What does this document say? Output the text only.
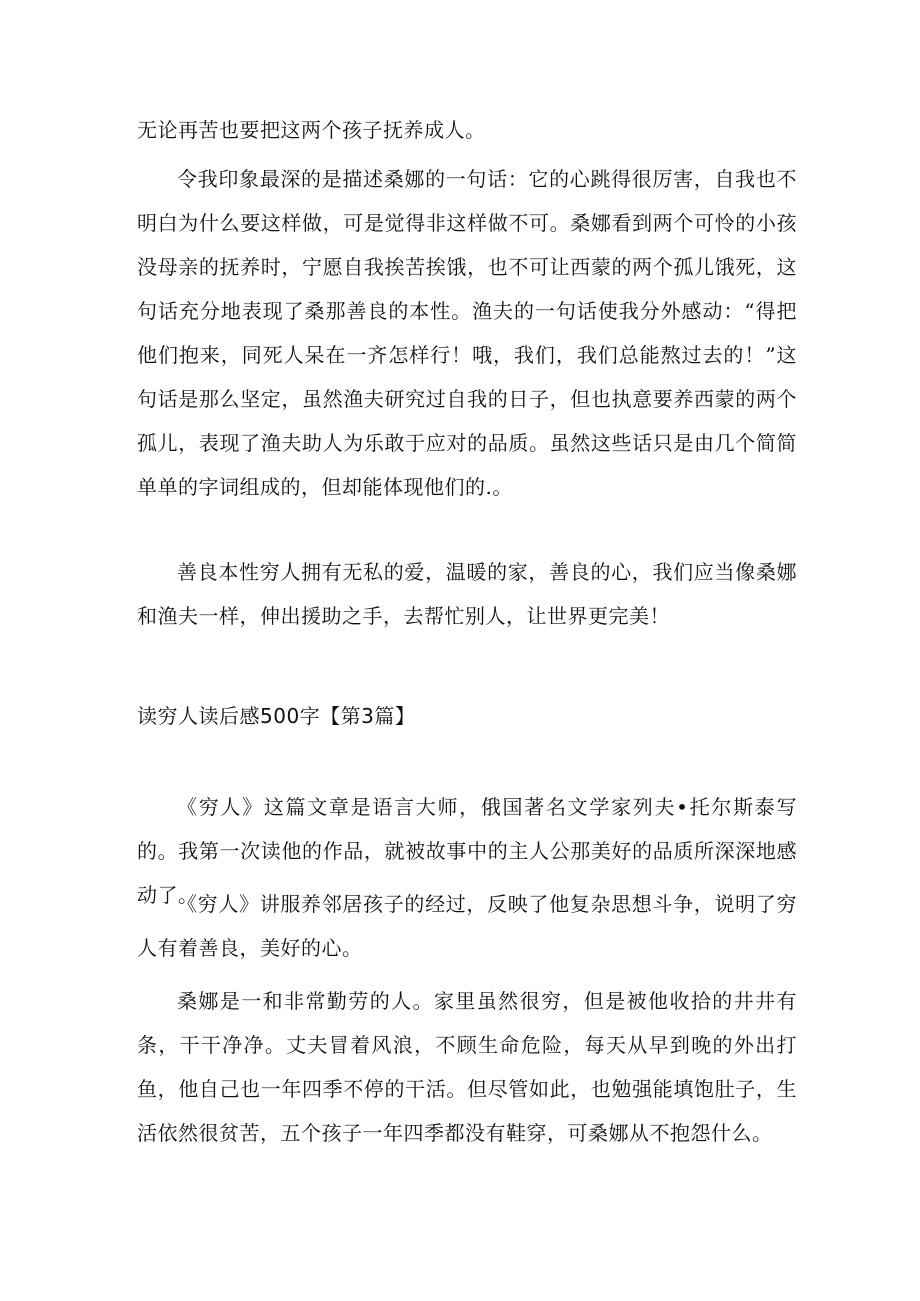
无论再苦也要把这两个孩子抚养成人。

令我印象最深的是描述桑娜的一句话：它的心跳得很厉害，自我也不明白为什么要这样做，可是觉得非这样做不可。桑娜看到两个可怜的小孩没母亲的抚养时，宁愿自我挨苦挨饿，也不可让西蒙的两个孤儿饿死，这句话充分地表现了桑那善良的本性。渔夫的一句话使我分外感动：“得把他们抱来，同死人呆在一齐怎样行！哦，我们，我们总能熬过去的！”这句话是那么坚定，虽然渔夫研究过自我的日子，但也执意要养西蒙的两个孤儿，表现了渔夫助人为乐敢于应对的品质。虽然这些话只是由几个简简单单的字词组成的，但却能体现他们的.。

善良本性穷人拥有无私的爱，温暖的家，善良的心，我们应当像桑娜和渔夫一样，伸出援助之手，去帮忙别人，让世界更完美！

读穷人读后感500字【第3篇】

《穷人》这篇文章是语言大师，俄国著名文学家列夫•托尔斯泰写的。我第一次读他的作品，就被故事中的主人公那美好的品质所深深地感动了。

《穷人》讲服养邻居孩子的经过，反映了他复杂思想斗争，说明了穷人有着善良，美好的心。

桑娜是一和非常勤劳的人。家里虽然很穷，但是被他收拾的井井有条，干干净净。丈夫冒着风浪，不顾生命危险，每天从早到晚的外出打鱼，他自己也一年四季不停的干活。但尽管如此，也勉强能填饱肚子，生活依然很贫苦，五个孩子一年四季都没有鞋穿，可桑娜从不抱怨什么。
